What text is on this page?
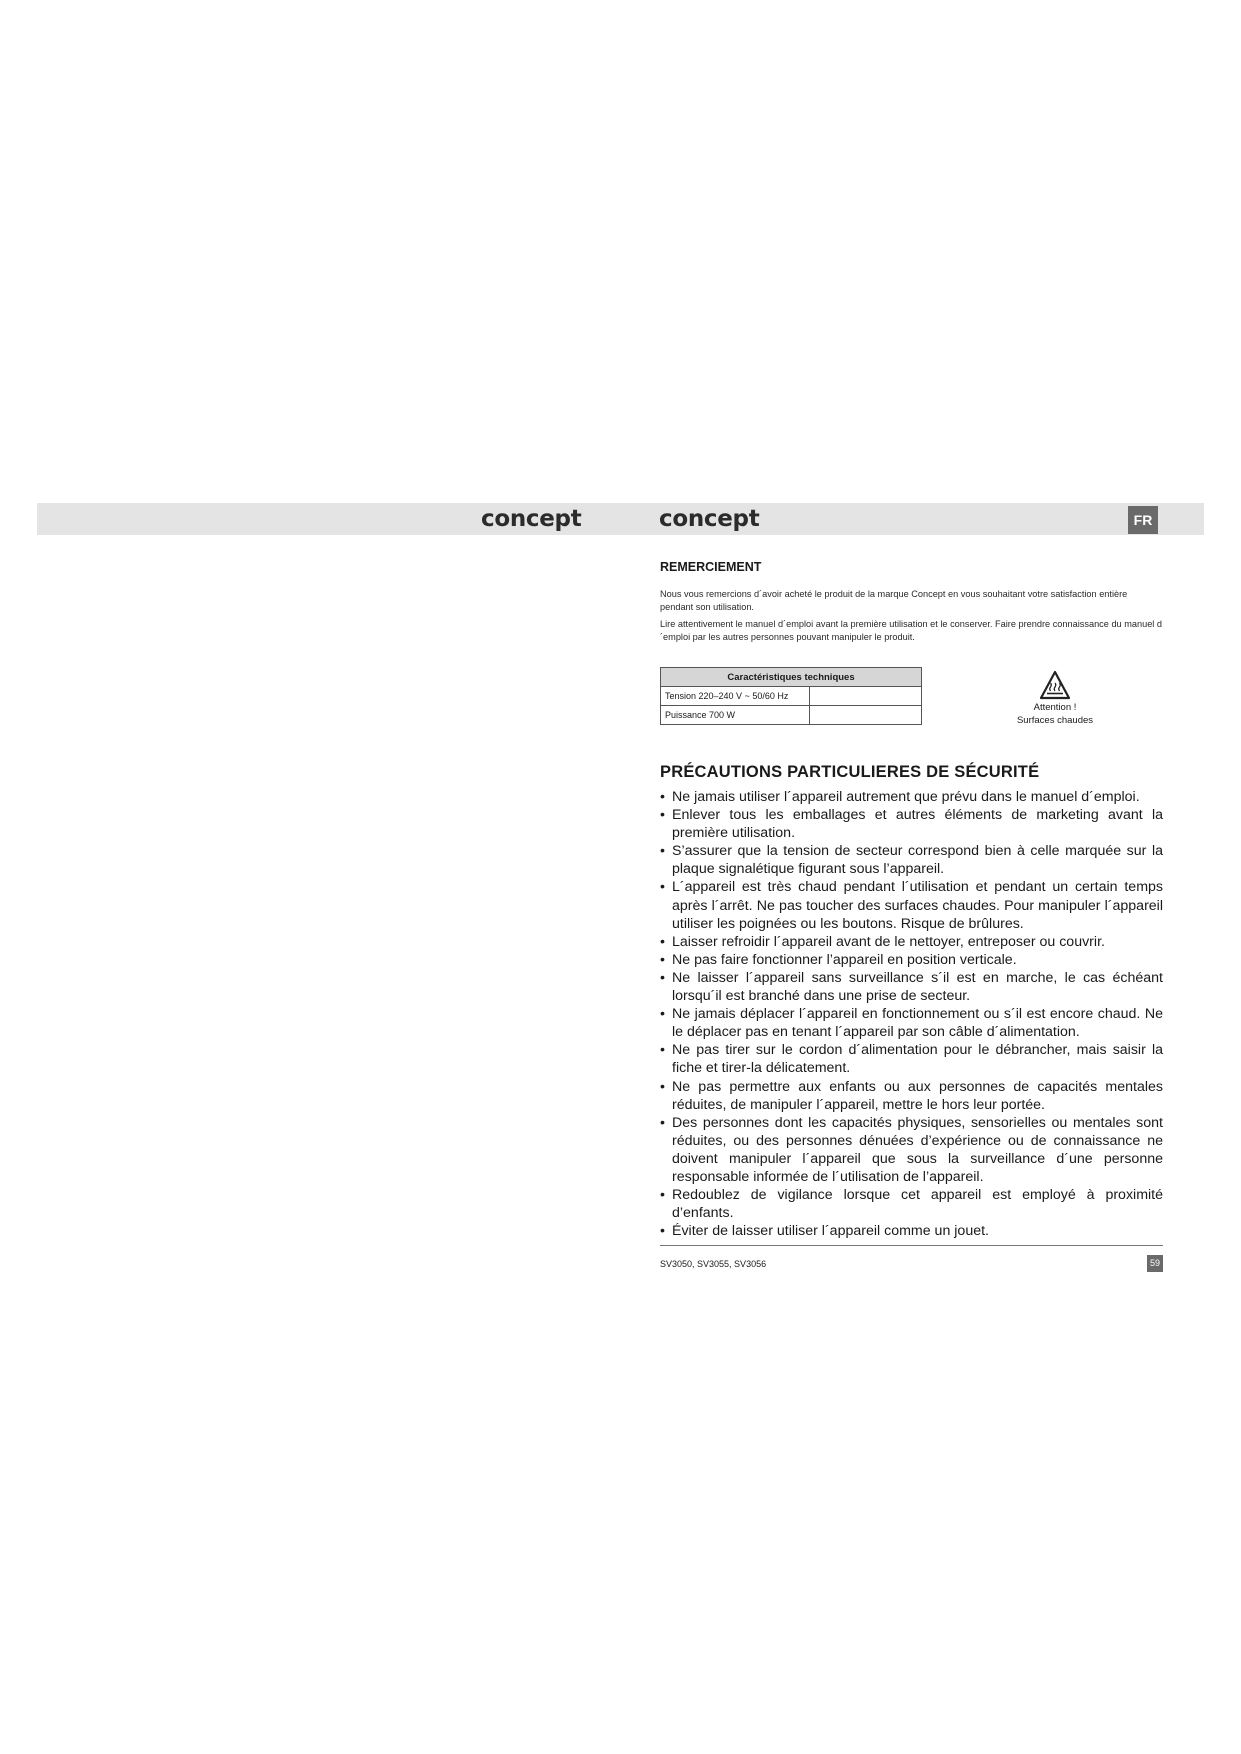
concept	concept	FR
REMERCIEMENT

Nous vous remercions d´avoir acheté le produit de la marque Concept en vous souhaitant votre satisfaction entière pendant son utilisation.

Lire attentivement le manuel d´emploi avant la première utilisation et le conserver. Faire prendre connaissance du manuel d´emploi par les autres personnes pouvant manipuler le produit.

Caractéristiques techniques	
Tension 220–240 V ~ 50/60 Hz	
Puissance 700 W	
Attention !
Surfaces chaudes
PRÉCAUTIONS PARTICULIERES DE SÉCURITÉ
• Ne jamais utiliser l´appareil autrement que prévu dans le manuel d´emploi.
• Enlever tous les emballages et autres éléments de marketing avant la première utilisation.
• S’assurer que la tension de secteur correspond bien à celle marquée sur la plaque signalétique figurant sous l’appareil.
• L´appareil est très chaud pendant l´utilisation et pendant un certain temps après l´arrêt. Ne pas toucher des surfaces chaudes. Pour manipuler l´appareil utiliser les poignées ou les boutons. Risque de brûlures.
• Laisser refroidir l´appareil avant de le nettoyer, entreposer ou couvrir.
• Ne pas faire fonctionner l’appareil en position verticale.
• Ne laisser l´appareil sans surveillance s´il est en marche, le cas échéant lorsqu´il est branché dans une prise de secteur.
• Ne jamais déplacer l´appareil en fonctionnement ou s´il est encore chaud. Ne le déplacer pas en tenant l´appareil par son câble d´alimentation.
• Ne pas tirer sur le cordon d´alimentation pour le débrancher, mais saisir la fiche et tirer-la délicatement.
• Ne pas permettre aux enfants ou aux personnes de capacités mentales réduites, de manipuler l´appareil, mettre le hors leur portée.
• Des personnes dont les capacités physiques, sensorielles ou mentales sont réduites, ou des personnes dénuées d’expérience ou de connaissance ne doivent manipuler l´appareil que sous la surveillance d´une personne responsable informée de l´utilisation de l’appareil.
• Redoublez de vigilance lorsque cet appareil est employé à proximité d’enfants.
• Éviter de laisser utiliser l´appareil comme un jouet.
SV3050, SV3055, SV3056	59
